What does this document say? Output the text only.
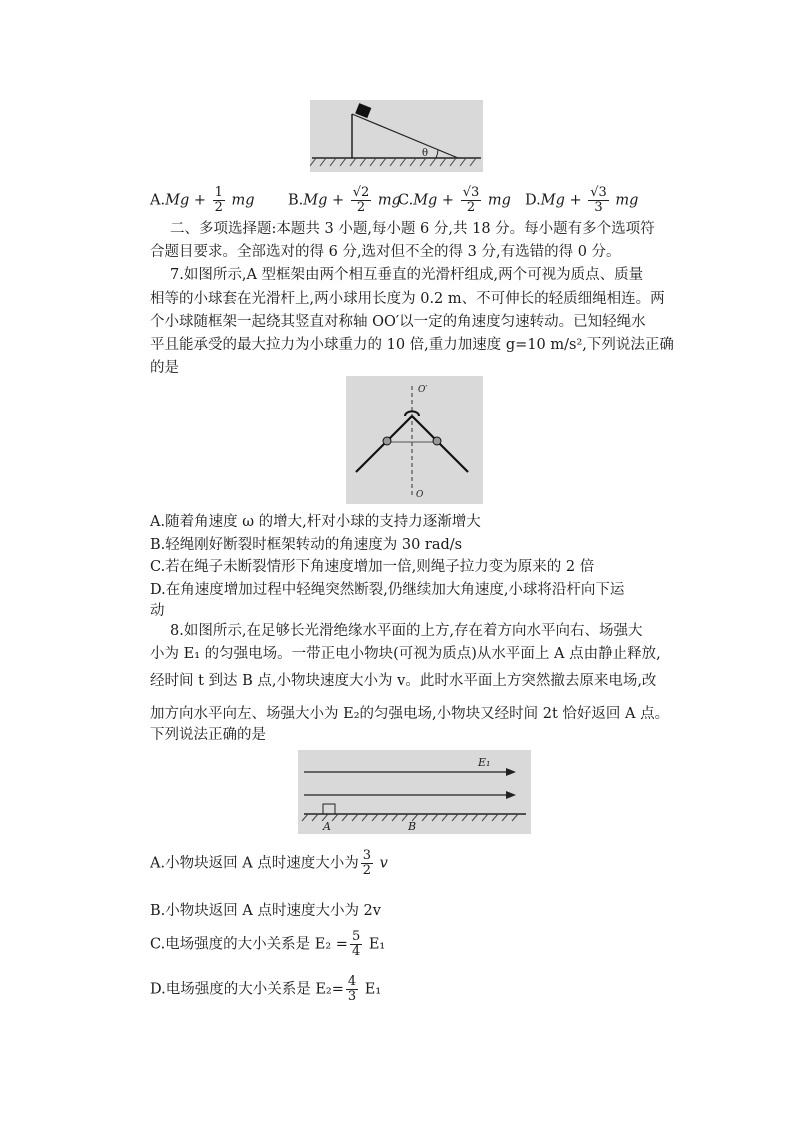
θ
$A.Mg + \frac{1}{2}$ mg $B.Mg + \frac{√2}{2}$ mg
$C.Mg + \frac{√3}{2}$ mg $D.Mg + \frac{√3}{3}$ mg
二、多项选择题:本题共 3 小题,每小题 6 分,共 18 分。每小题有多个选项符
合题目要求。全部选对的得 6 分,选对但不全的得 3 分,有选错的得 0 分。
7.如图所示,A 型框架由两个相互垂直的光滑杆组成,两个可视为质点、质量
相等的小球套在光滑杆上,两小球用长度为 0.2 m、不可伸长的轻质细绳相连。两
个小球随框架一起绕其竖直对称轴 OO′以一定的角速度匀速转动。已知轻绳水
平且能承受的最大拉力为小球重力的 10 倍,重力加速度 g=10 m/s²,下列说法正确
的是
O′
O
A.随着角速度 ω 的增大,杆对小球的支持力逐渐增大
B.轻绳刚好断裂时框架转动的角速度为 30 rad/s
C.若在绳子未断裂情形下角速度增加一倍,则绳子拉力变为原来的 2 倍
D.在角速度增加过程中轻绳突然断裂,仍继续加大角速度,小球将沿杆向下运
动
8.如图所示,在足够长光滑绝缘水平面的上方,存在着方向水平向右、场强大
小为 E₁ 的匀强电场。一带正电小物块(可视为质点)从水平面上 A 点由静止释放,
经时间 t 到达 B 点,小物块速度大小为 v。此时水平面上方突然撤去原来电场,改
加方向水平向左、场强大小为 E₂的匀强电场,小物块又经时间 2t 恰好返回 A 点。
下列说法正确的是
E₁
A	B
A.小物块返回 A 点时速度大小为 $\frac{3}{2}$ v
B.小物块返回 A 点时速度大小为 2v
C.电场强度的大小关系是 $E_2 = \frac{5}{4} E_1$
D.电场强度的大小关系是 $E_2= \frac{4}{3} E_1$
